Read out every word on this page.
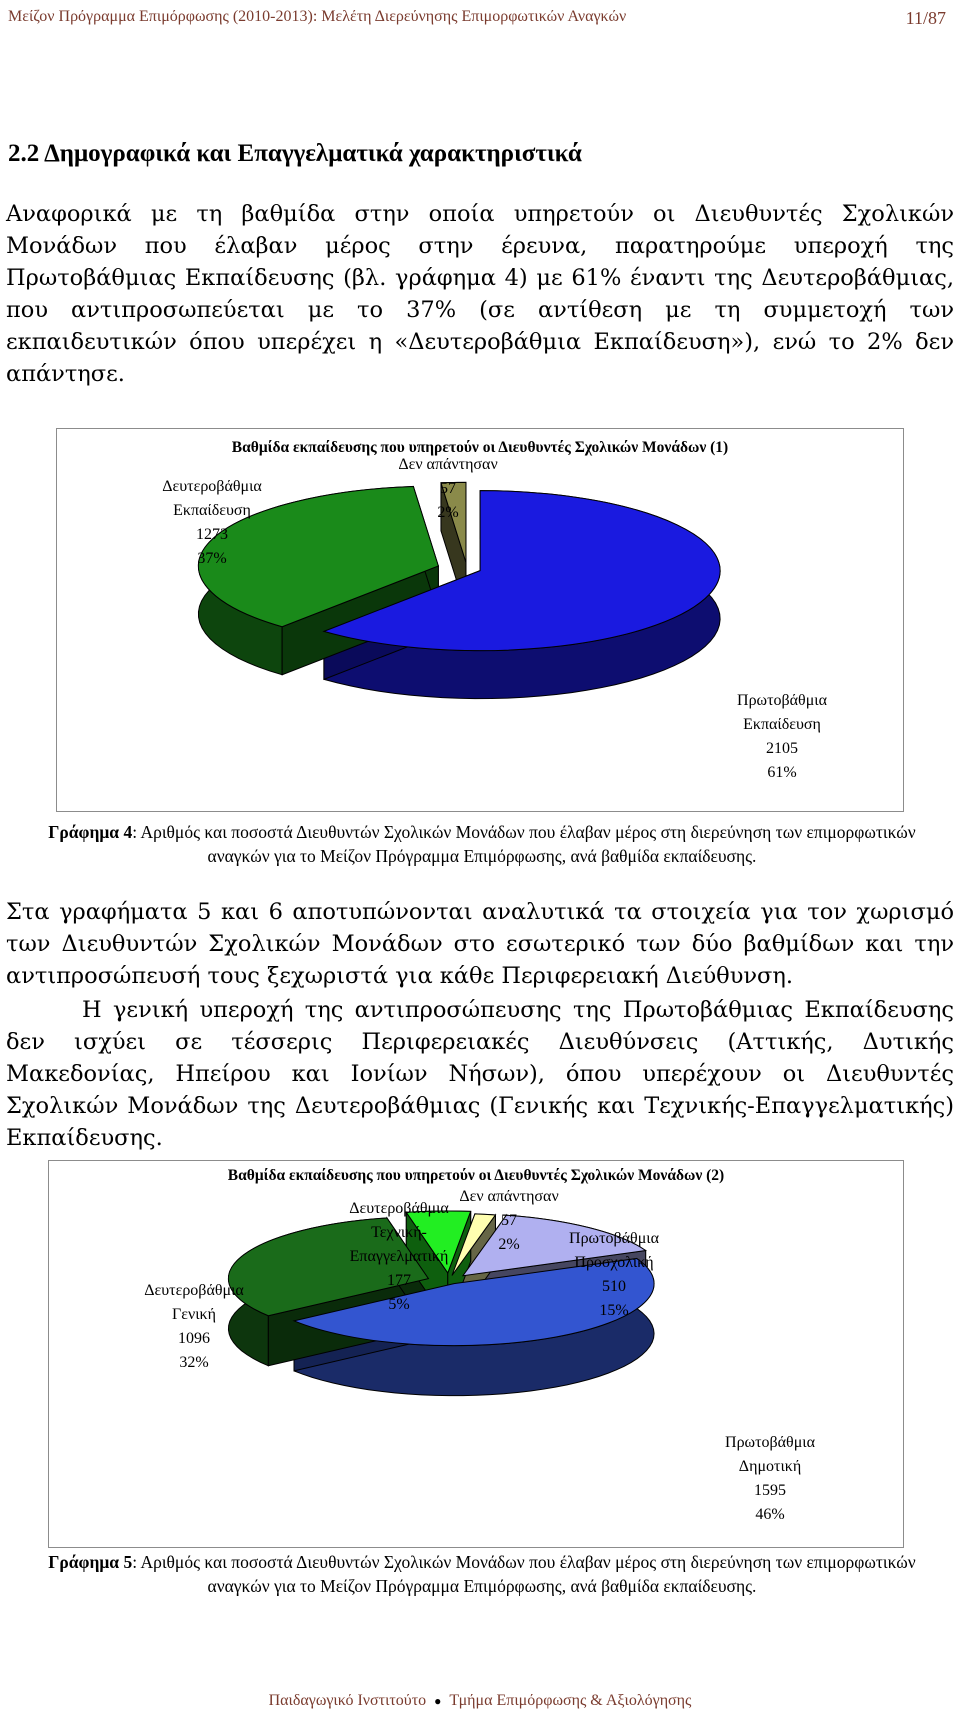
Μείζον Πρόγραμμα Επιμόρφωσης (2010-2013): Μελέτη Διερεύνησης Επιμορφωτικών Αναγκών	11/87
2.2 Δημογραφικά και Επαγγελματικά χαρακτηριστικά

Αναφορικά με τη βαθμίδα στην οποία υπηρετούν οι Διευθυντές Σχολικών Μονάδων που έλαβαν μέρος στην έρευνα, παρατηρούμε υπεροχή της Πρωτοβάθμιας Εκπαίδευσης (βλ. γράφημα 4) με 61% έναντι της Δευτεροβάθμιας, που αντιπροσωπεύεται με το 37% (σε αντίθεση με τη συμμετοχή των εκπαιδευτικών όπου υπερέχει η «Δευτεροβάθμια Εκπαίδευση»), ενώ το 2% δεν απάντησε.

Βαθμίδα εκπαίδευσης που υπηρετούν οι Διευθυντές Σχολικών Μονάδων (1)
Δευτεροβάθμια
Εκπαίδευση
1273
37%
Δεν απάντησαν
57
2%
Πρωτοβάθμια
Εκπαίδευση
2105
61%
Γράφημα 4: Αριθμός και ποσοστά Διευθυντών Σχολικών Μονάδων που έλαβαν μέρος στη διερεύνηση των επιμορφωτικών αναγκών για το Μείζον Πρόγραμμα Επιμόρφωσης, ανά βαθμίδα εκπαίδευσης.

Στα γραφήματα 5 και 6 αποτυπώνονται αναλυτικά τα στοιχεία για τον χωρισμό των Διευθυντών Σχολικών Μονάδων στο εσωτερικό των δύο βαθμίδων και την αντιπροσώπευσή τους ξεχωριστά για κάθε Περιφερειακή Διεύθυνση.

Η γενική υπεροχή της αντιπροσώπευσης της Πρωτοβάθμιας Εκπαίδευσης δεν ισχύει σε τέσσερις Περιφερειακές Διευθύνσεις (Αττικής, Δυτικής Μακεδονίας, Ηπείρου και Ιονίων Νήσων), όπου υπερέχουν οι Διευθυντές Σχολικών Μονάδων της Δευτεροβάθμιας (Γενικής και Τεχνικής-Επαγγελματικής) Εκπαίδευσης.

Βαθμίδα εκπαίδευσης που υπηρετούν οι Διευθυντές Σχολικών Μονάδων (2)
Δευτεροβάθμια
Γενική
1096
32%
Δευτεροβάθμια
Τεχνική-
Επαγγελματική
177
5%
Δεν απάντησαν
57
2%	Πρωτοβάθμια
Προσχολική
510
15%
Πρωτοβάθμια
Δημοτική
1595
46%
Γράφημα 5: Αριθμός και ποσοστά Διευθυντών Σχολικών Μονάδων που έλαβαν μέρος στη διερεύνηση των επιμορφωτικών αναγκών για το Μείζον Πρόγραμμα Επιμόρφωσης, ανά βαθμίδα εκπαίδευσης.
Παιδαγωγικό Ινστιτούτο ● Τμήμα Επιμόρφωσης & Αξιολόγησης
